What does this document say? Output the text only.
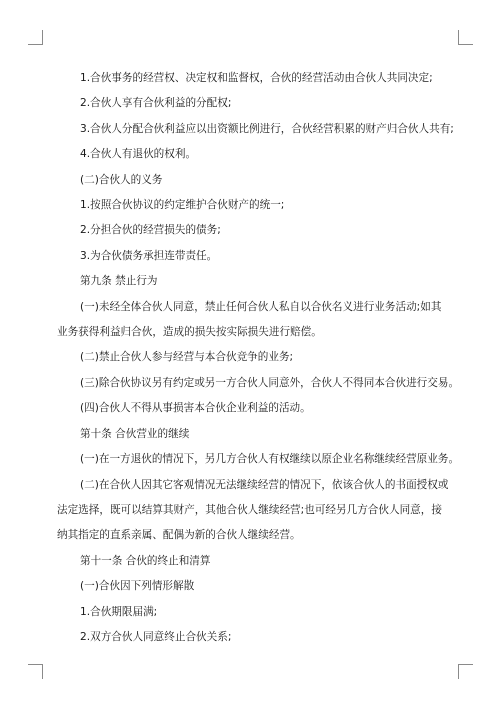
1.合伙事务的经营权、决定权和监督权，合伙的经营活动由合伙人共同决定;

2.合伙人享有合伙利益的分配权;

3.合伙人分配合伙利益应以出资额比例进行，合伙经营积累的财产归合伙人共有;

4.合伙人有退伙的权利。

(二)合伙人的义务

1.按照合伙协议的约定维护合伙财产的统一;

2.分担合伙的经营损失的债务;

3.为合伙债务承担连带责任。

第九条 禁止行为

(一)未经全体合伙人同意，禁止任何合伙人私自以合伙名义进行业务活动;如其业务获得利益归合伙，造成的损失按实际损失进行赔偿。

(二)禁止合伙人参与经营与本合伙竞争的业务;

(三)除合伙协议另有约定或另一方合伙人同意外，合伙人不得同本合伙进行交易。

(四)合伙人不得从事损害本合伙企业利益的活动。

第十条 合伙营业的继续

(一)在一方退伙的情况下，另几方合伙人有权继续以原企业名称继续经营原业务。

(二)在合伙人因其它客观情况无法继续经营的情况下，依该合伙人的书面授权或法定选择，既可以结算其财产，其他合伙人继续经营;也可经另几方合伙人同意，接纳其指定的直系亲属、配偶为新的合伙人继续经营。

第十一条 合伙的终止和清算

(一)合伙因下列情形解散

1.合伙期限届满;

2.双方合伙人同意终止合伙关系;
